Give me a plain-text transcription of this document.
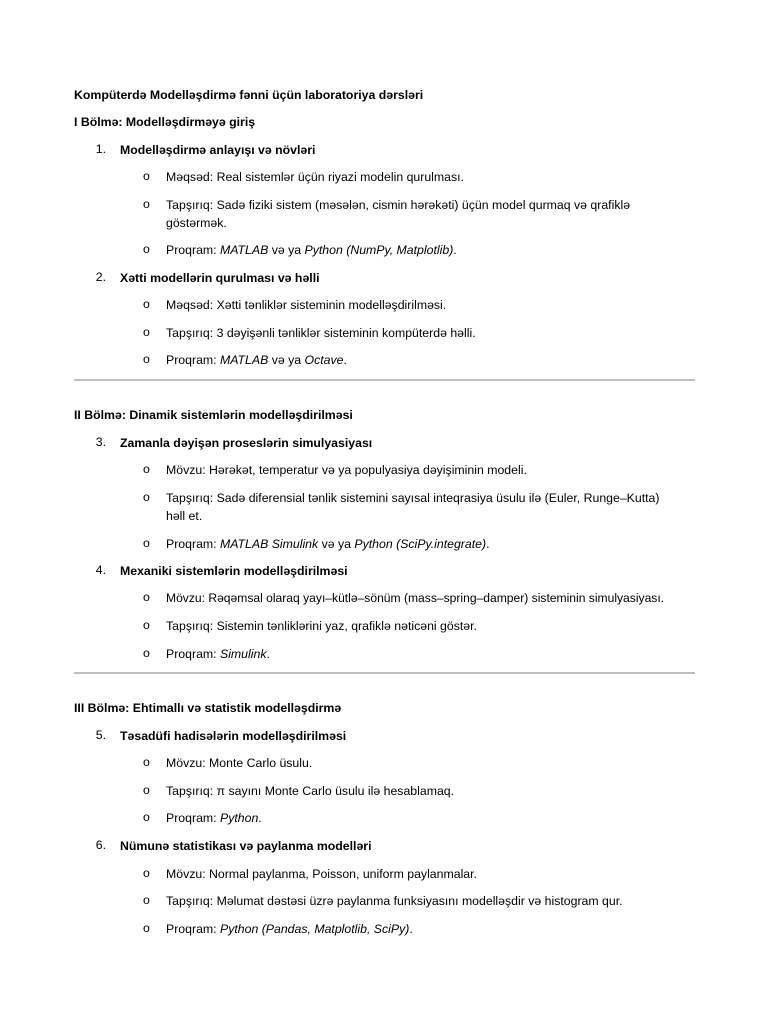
Kompüterdə Modelləşdirmə fənni üçün laboratoriya dərsləri
I Bölmə: Modelləşdirməyə giriş
1. Modelləşdirmə anlayışı və növləri
o Məqsəd: Real sistemlər üçün riyazi modelin qurulması.
o Tapşırıq: Sadə fiziki sistem (məsələn, cismin hərəkəti) üçün model qurmaq və qrafiklə
göstərmək.
o Proqram: MATLAB və ya Python (NumPy, Matplotlib).
2. Xətti modellərin qurulması və həlli
o Məqsəd: Xətti tənliklər sisteminin modelləşdirilməsi.
o Tapşırıq: 3 dəyişənli tənliklər sisteminin kompüterdə həlli.
o Proqram: MATLAB və ya Octave.
II Bölmə: Dinamik sistemlərin modelləşdirilməsi
3. Zamanla dəyişən proseslərin simulyasiyası
o Mövzu: Hərəkət, temperatur və ya populyasiya dəyişiminin modeli.
o Tapşırıq: Sadə diferensial tənlik sistemini sayısal inteqrasiya üsulu ilə (Euler, Runge–Kutta)
həll et.
o Proqram: MATLAB Simulink və ya Python (SciPy.integrate).
4. Mexaniki sistemlərin modelləşdirilməsi
o Mövzu: Rəqəmsal olaraq yayı–kütlə–sönüm (mass–spring–damper) sisteminin simulyasiyası.
o Tapşırıq: Sistemin tənliklərini yaz, qrafiklə nəticəni göstər.
o Proqram: Simulink.
III Bölmə: Ehtimallı və statistik modelləşdirmə
5. Təsadüfi hadisələrin modelləşdirilməsi
o Mövzu: Monte Carlo üsulu.
o Tapşırıq: π sayını Monte Carlo üsulu ilə hesablamaq.
o Proqram: Python.
6. Nümunə statistikası və paylanma modelləri
o Mövzu: Normal paylanma, Poisson, uniform paylanmalar.
o Tapşırıq: Məlumat dəstəsi üzrə paylanma funksiyasını modelləşdir və histogram qur.
o Proqram: Python (Pandas, Matplotlib, SciPy).
